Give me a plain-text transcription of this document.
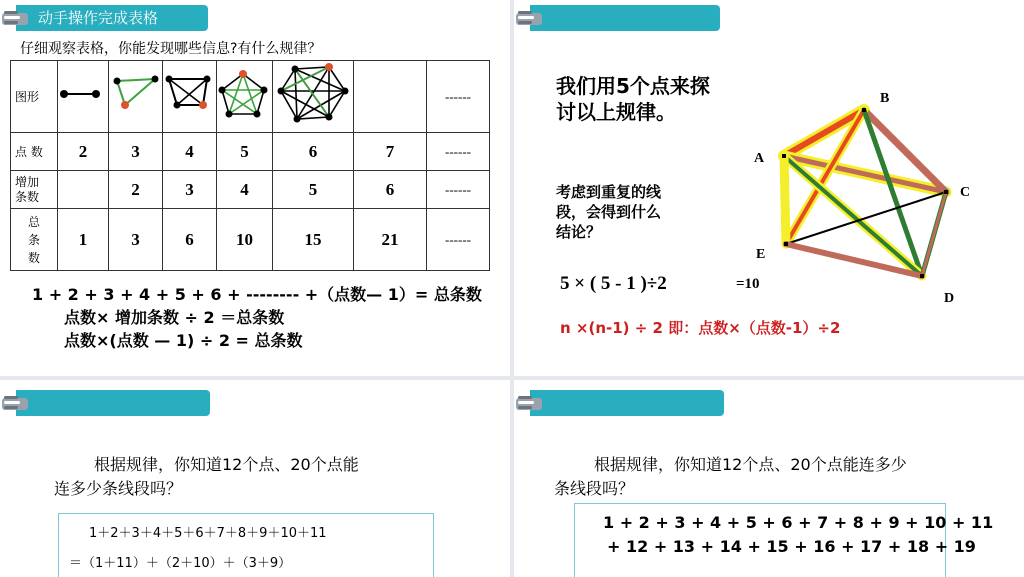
动手操作完成表格
仔细观察表格，你能发现哪些信息?有什么规律？
图形							------
点 数	2	3	4	5	6	7	------
增加
条数		2	3	4	5	6	------
总
条
数	1	3	6	10	15	21	------
1 + 2 + 3 + 4 + 5 + 6 + -------- +（点数— 1）= 总条数
点数× 增加条数 ÷ 2 ＝总条数
点数×(点数 — 1) ÷ 2 = 总条数
我们用5个点来探
讨以上规律。
考虑到重复的线
段，会得到什么
结论？
A
B
C
D
E
5 × ( 5 - 1 )÷2	=10
n ×(n-1) ÷ 2 即：点数×（点数-1）÷2
根据规律，你知道12个点、20个点能
连多少条线段吗？
1＋2＋3＋4＋5＋6＋7＋8＋9＋10＋11
＝（1＋11）＋（2＋10）＋（3＋9）
根据规律，你知道12个点、20个点能连多少
条线段吗？
1 + 2 + 3 + 4 + 5 + 6 + 7 + 8 + 9 + 10 + 11
+ 12 + 13 + 14 + 15 + 16 + 17 + 18 + 19
